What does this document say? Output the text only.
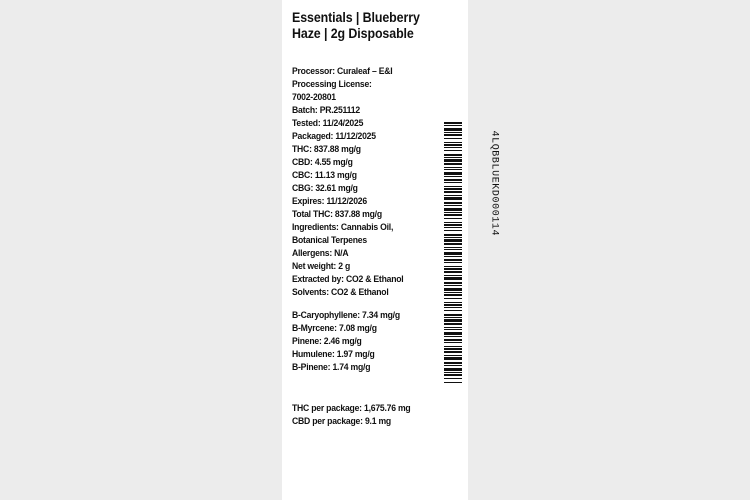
Essentials | Blueberry Haze | 2g Disposable
Processor: Curaleaf – E&I
Processing License:
7002-20801
Batch: PR.251112
Tested: 11/24/2025
Packaged: 11/12/2025
THC: 837.88 mg/g
CBD: 4.55 mg/g
CBC: 11.13 mg/g
CBG: 32.61 mg/g
Expires: 11/12/2026
Total THC: 837.88 mg/g
Ingredients: Cannabis Oil,
Botanical Terpenes
Allergens: N/A
Net weight: 2 g
Extracted by: CO2 & Ethanol
Solvents: CO2 & Ethanol
B-Caryophyllene: 7.34 mg/g
B-Myrcene: 7.08 mg/g
Pinene: 2.46 mg/g
Humulene: 1.97 mg/g
B-Pinene: 1.74 mg/g
THC per package: 1,675.76 mg
CBD per package: 9.1 mg
4LQBBLUEKD000114
